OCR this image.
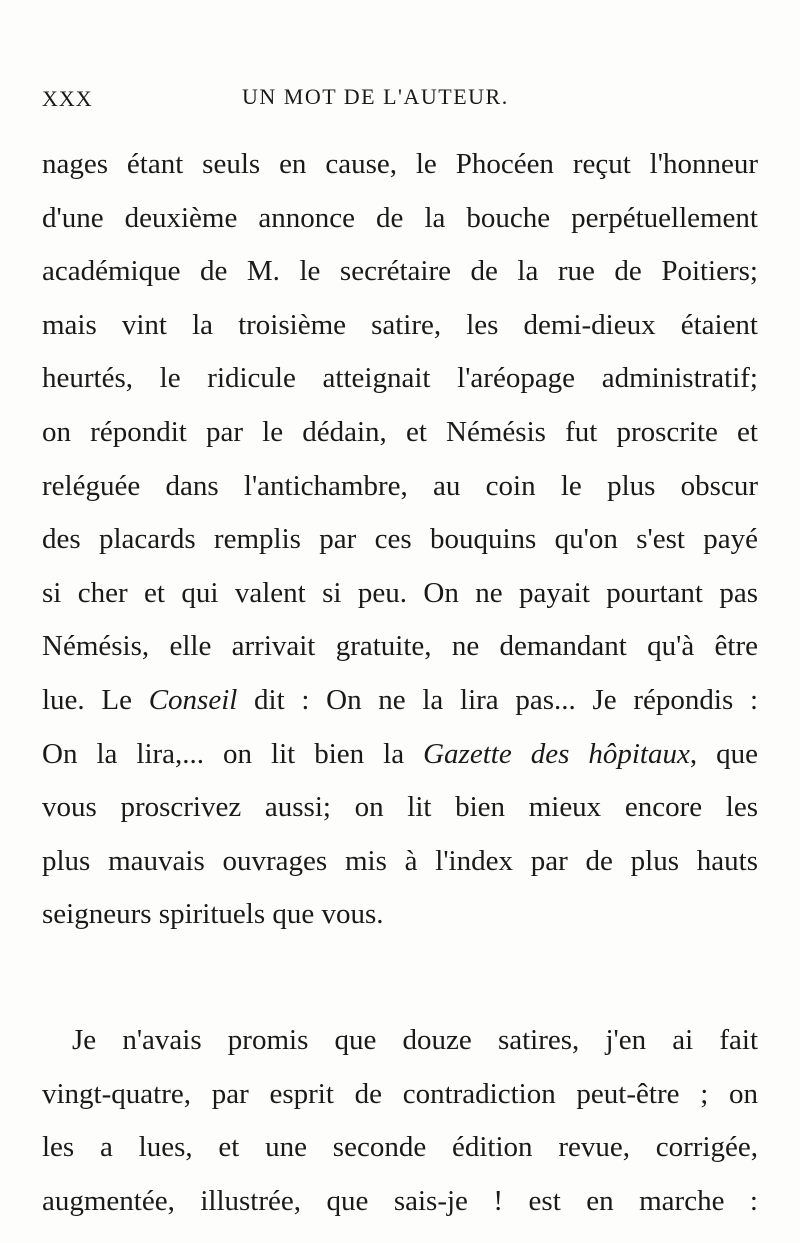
XXX	UN MOT DE L'AUTEUR.
nages étant seuls en cause, le Phocéen reçut l'honneur
d'une deuxième annonce de la bouche perpétuellement
académique de M. le secrétaire de la rue de Poitiers;
mais vint la troisième satire, les demi-dieux étaient
heurtés, le ridicule atteignait l'aréopage administratif;
on répondit par le dédain, et Némésis fut proscrite et
reléguée dans l'antichambre, au coin le plus obscur
des placards remplis par ces bouquins qu'on s'est payé
si cher et qui valent si peu. On ne payait pourtant pas
Némésis, elle arrivait gratuite, ne demandant qu'à être
lue. Le Conseil dit : On ne la lira pas... Je répondis :
On la lira,... on lit bien la Gazette des hôpitaux, que
vous proscrivez aussi; on lit bien mieux encore les
plus mauvais ouvrages mis à l'index par de plus hauts
seigneurs spirituels que vous.
Je n'avais promis que douze satires, j'en ai fait
vingt-quatre, par esprit de contradiction peut-être ; on
les a lues, et une seconde édition revue, corrigée,
augmentée, illustrée, que sais-je ! est en marche :
